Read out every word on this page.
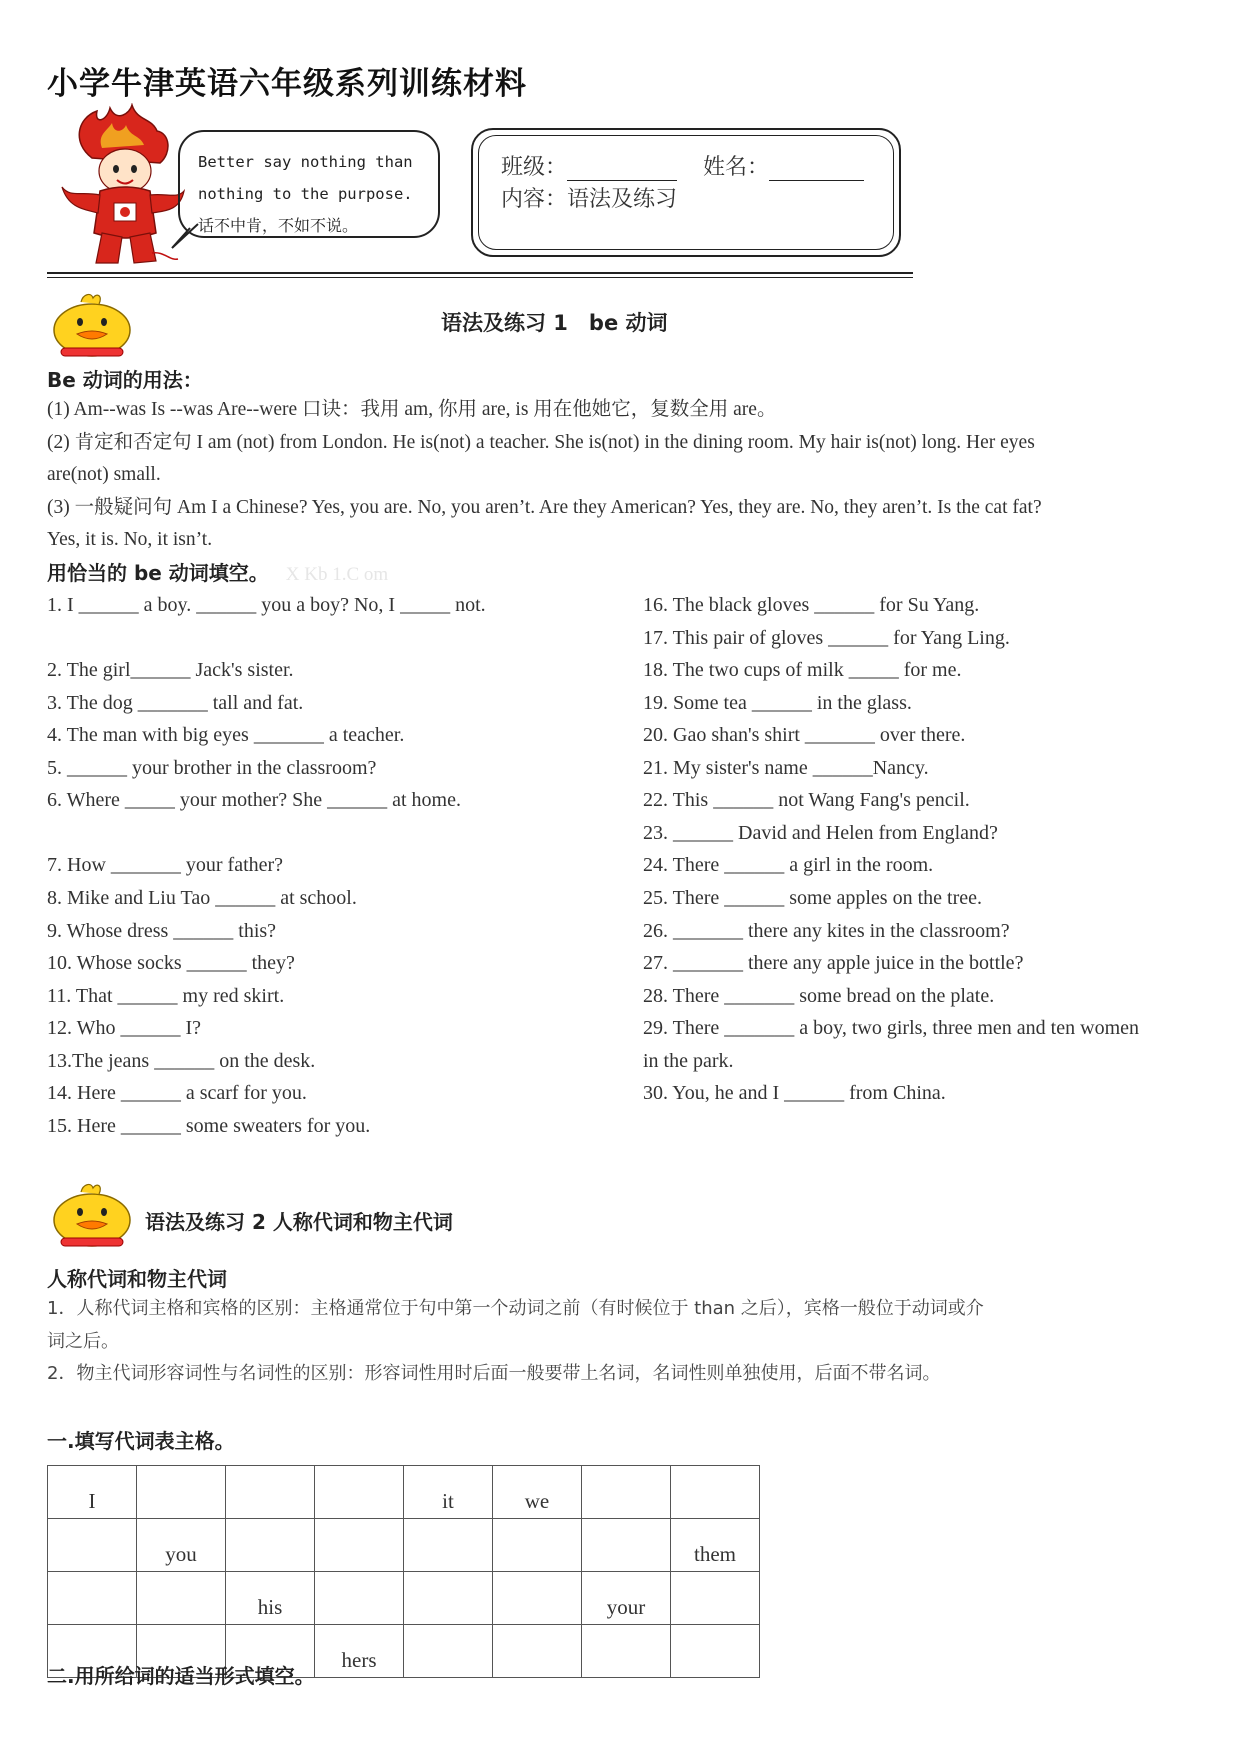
小学牛津英语六年级系列训练材料
Better say nothing than
nothing to the purpose.
话不中肯，不如不说。
班级：	姓名：
内容：语法及练习
语法及练习 1　be 动词
Be 动词的用法：
(1) Am--was Is --was Are--were 口诀：我用 am, 你用 are, is 用在他她它，复数全用 are。
(2) 肯定和否定句 I am (not) from London. He is(not) a teacher. She is(not) in the dining room. My hair is(not) long. Her eyes
are(not) small.
(3) 一般疑问句 Am I a Chinese? Yes, you are. No, you aren’t. Are they American? Yes, they are. No, they aren’t. Is the cat fat?
Yes, it is. No, it isn’t.
用恰当的 be 动词填空。 X Kb 1.C om
1. I ______ a boy. ______ you a boy? No, I _____ not.
2. The girl______ Jack's sister.
3. The dog _______ tall and fat.
4. The man with big eyes _______ a teacher.
5. ______ your brother in the classroom?
6. Where _____ your mother? She ______ at home.
7. How _______ your father?
8. Mike and Liu Tao ______ at school.
9. Whose dress ______ this?
10. Whose socks ______ they?
11. That ______ my red skirt.
12. Who ______ I?
13.The jeans ______ on the desk.
14. Here ______ a scarf for you.
15. Here ______ some sweaters for you.
16. The black gloves ______ for Su Yang.
17. This pair of gloves ______ for Yang Ling.
18. The two cups of milk _____ for me.
19. Some tea ______ in the glass.
20. Gao shan's shirt _______ over there.
21. My sister's name ______Nancy.
22. This ______ not Wang Fang's pencil.
23. ______ David and Helen from England?
24. There ______ a girl in the room.
25. There ______ some apples on the tree.
26. _______ there any kites in the classroom?
27. _______ there any apple juice in the bottle?
28. There _______ some bread on the plate.
29. There _______ a boy, two girls, three men and ten women
in the park.
30. You, he and I ______ from China.
语法及练习 2 人称代词和物主代词
人称代词和物主代词
1．人称代词主格和宾格的区别：主格通常位于句中第一个动词之前（有时候位于 than 之后），宾格一般位于动词或介
词之后。
2．物主代词形容词性与名词性的区别：形容词性用时后面一般要带上名词，名词性则单独使用，后面不带名词。
一.填写代词表主格。
I				it	we		
	you						them
		his				your	
			hers				
二.用所给词的适当形式填空。
